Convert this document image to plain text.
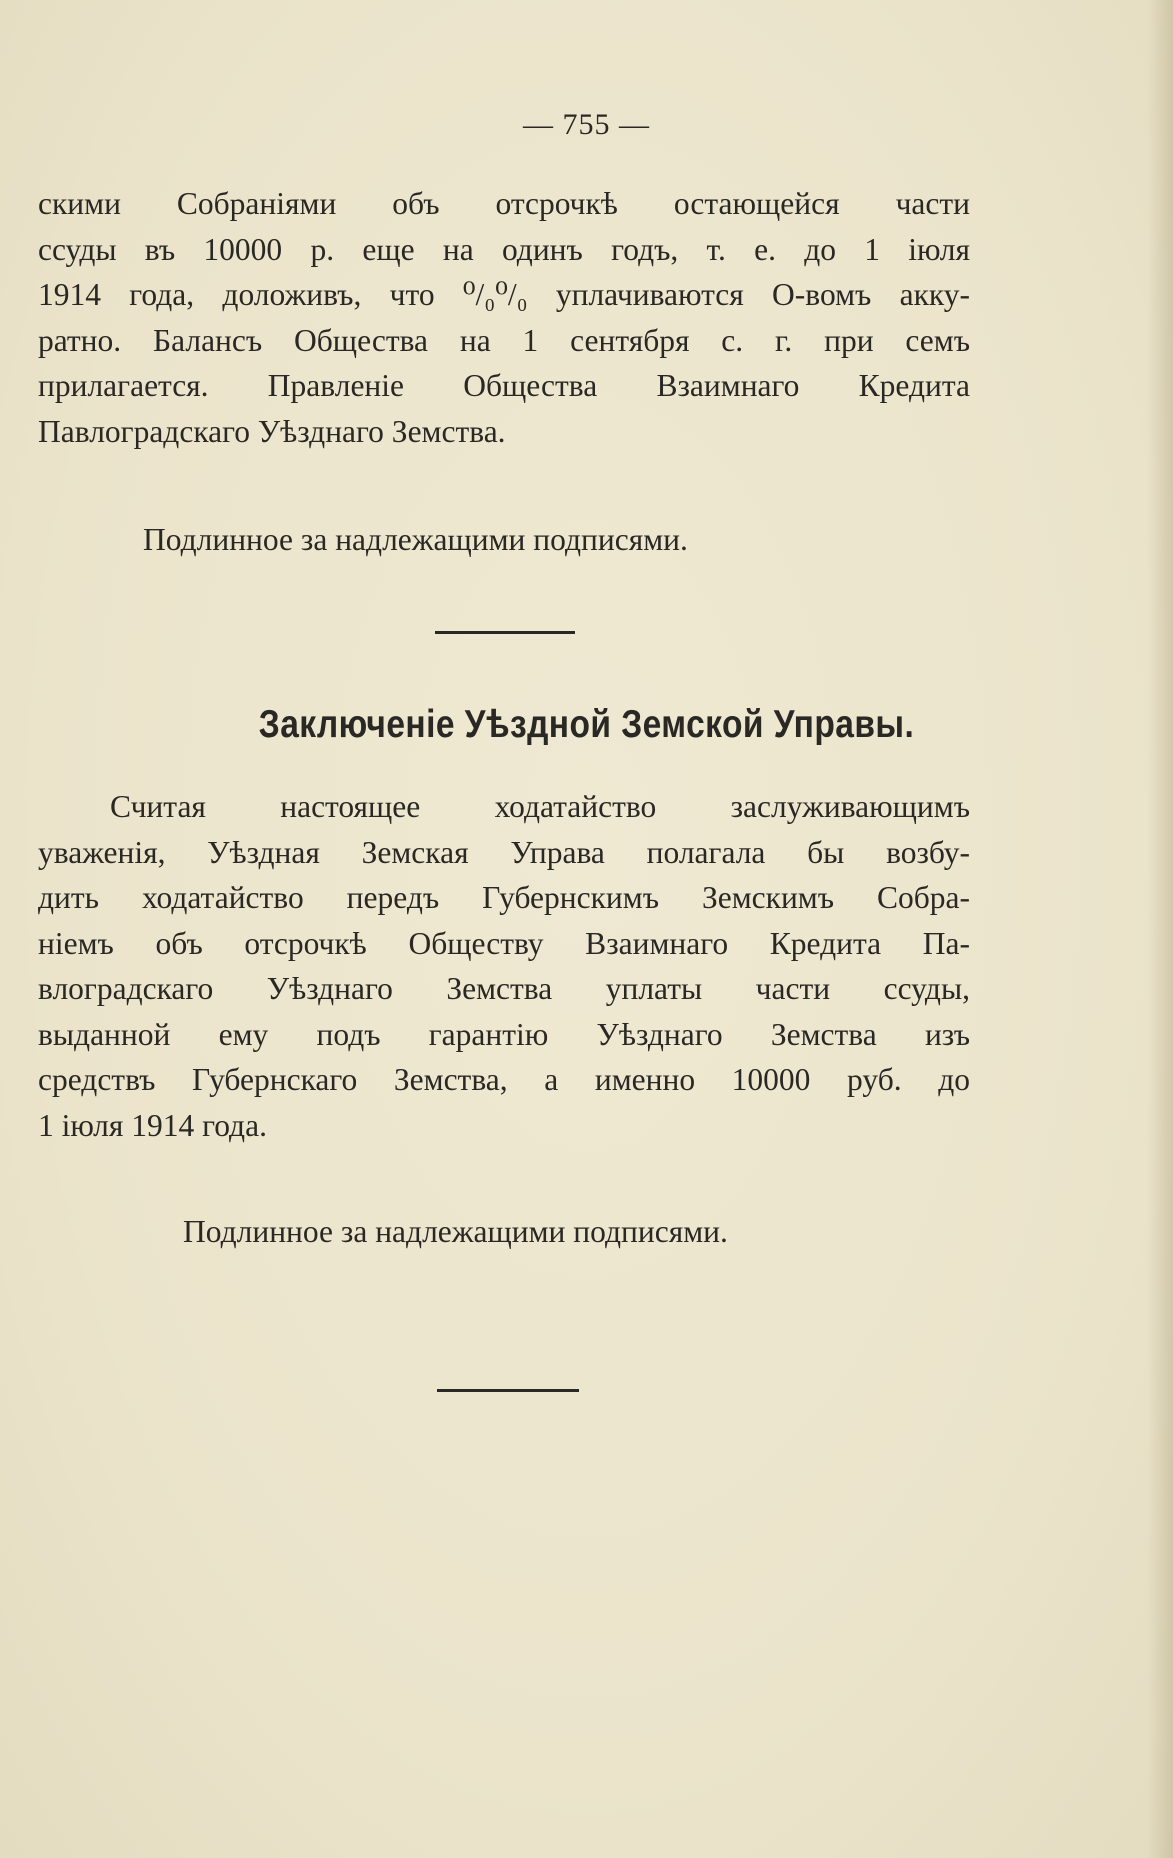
— 755 —
скими Собраніями объ отсрочкѣ остающейся части
ссуды въ 10000 р. еще на одинъ годъ, т. е. до 1 іюля
1914 года, доложивъ, что ⁰/₀⁰/₀ уплачиваются О-вомъ акку-
ратно. Балансъ Общества на 1 сентября с. г. при семъ
прилагается. Правленіе Общества Взаимнаго Кредита
Павлоградскаго Уѣзднаго Земства.
Подлинное за надлежащими подписями.
Заключеніе Уѣздной Земской Управы.
Считая настоящее ходатайство заслуживающимъ
уваженія, Уѣздная Земская Управа полагала бы возбу-
дить ходатайство передъ Губернскимъ Земскимъ Собра-
ніемъ объ отсрочкѣ Обществу Взаимнаго Кредита Па-
влоградскаго Уѣзднаго Земства уплаты части ссуды,
выданной ему подъ гарантію Уѣзднаго Земства изъ
средствъ Губернскаго Земства, а именно 10000 руб. до
1 іюля 1914 года.
Подлинное за надлежащими подписями.
